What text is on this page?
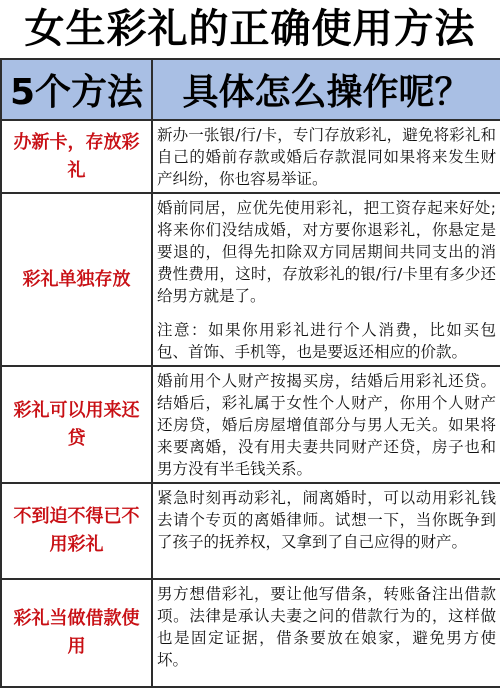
女生彩礼的正确使用方法
5个方法	具体怎么操作呢？
办新卡，存放彩礼	新办一张银/行/卡，专门存放彩礼，避免将彩礼和自己的婚前存款或婚后存款混同如果将来发生财产纠纷，你也容易举证。

彩礼单独存放	婚前同居，应优先使用彩礼，把工资存起来好处;将来你们没结成婚，对方要你退彩礼，你悬定是要退的，但得先扣除双方同居期间共同支出的消费性费用，这时，存放彩礼的银/行/卡里有多少还给男方就是了。

注意：如果你用彩礼进行个人消费，比如买包包、首饰、手机等，也是要返还相应的价款。

彩礼可以用来还贷	婚前用个人财产按揭买房，结婚后用彩礼还贷。结婚后，彩礼属于女性个人财产，你用个人财产还房贷，婚后房屋增值部分与男人无关。如果将来要离婚，没有用夫妻共同财产还贷，房子也和男方没有半毛钱关系。

不到迫不得已不用彩礼	紧急时刻再动彩礼，闹离婚时，可以动用彩礼钱去请个专页的离婚律师。试想一下，当你既争到了孩子的抚养权，又拿到了自己应得的财产。

彩礼当做借款使用	男方想借彩礼，要让他写借条，转账备注出借款项。法律是承认夫妻之问的借款行为的，这样做也是固定证据，借条要放在娘家，避免男方使坏。
